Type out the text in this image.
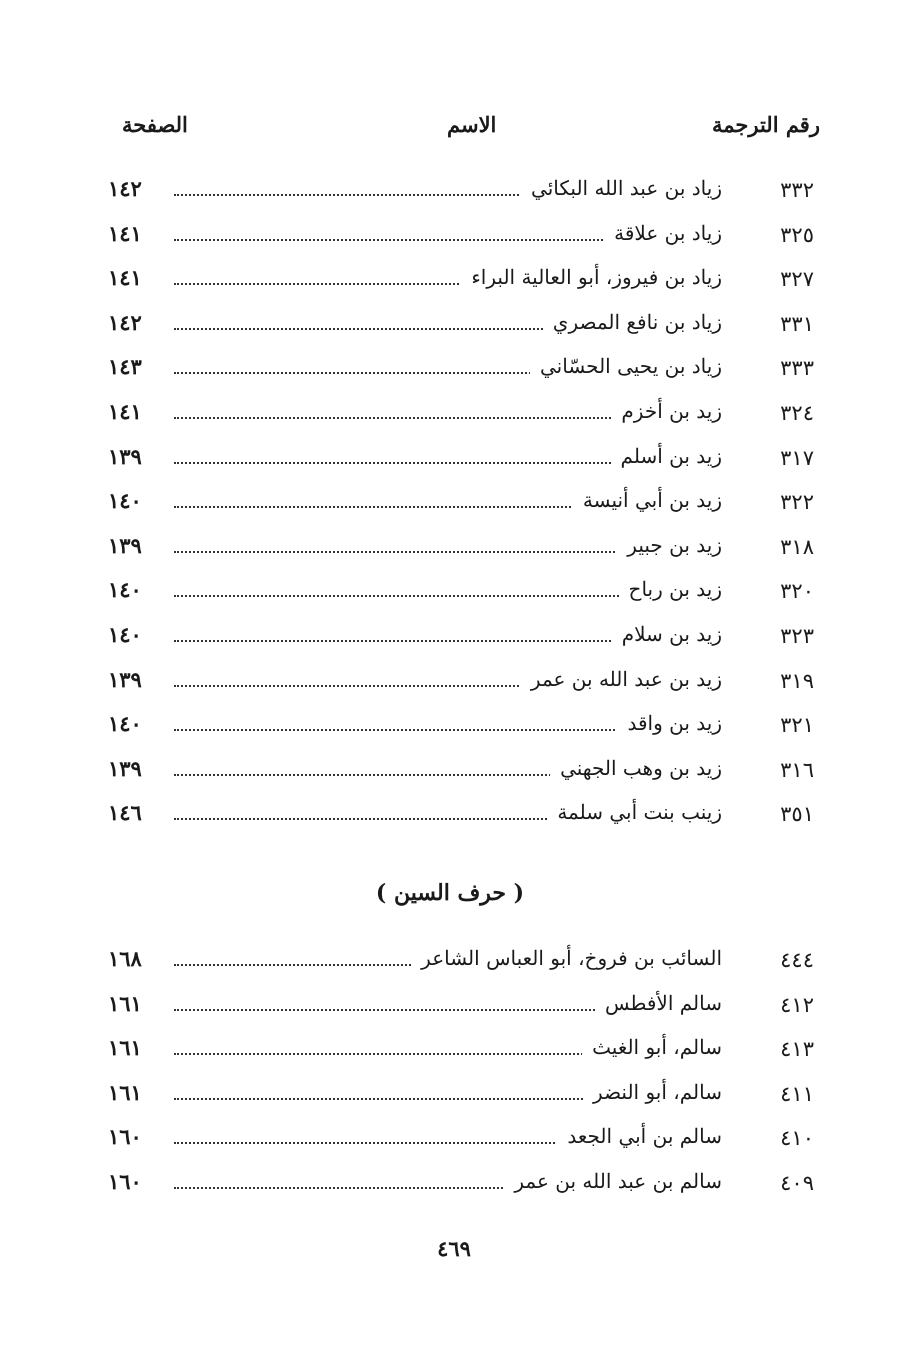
رقم الترجمة
الاسم
الصفحة
٣٣٢
زياد بن عبد الله البكائي
١٤٢
٣٢٥
زياد بن علاقة
١٤١
٣٢٧
زياد بن فيروز، أبو العالية البراء
١٤١
٣٣١
زياد بن نافع المصري
١٤٢
٣٣٣
زياد بن يحيى الحسّاني
١٤٣
٣٢٤
زيد بن أخزم
١٤١
٣١٧
زيد بن أسلم
١٣٩
٣٢٢
زيد بن أبي أنيسة
١٤٠
٣١٨
زيد بن جبير
١٣٩
٣٢٠
زيد بن رباح
١٤٠
٣٢٣
زيد بن سلام
١٤٠
٣١٩
زيد بن عبد الله بن عمر
١٣٩
٣٢١
زيد بن واقد
١٤٠
٣١٦
زيد بن وهب الجهني
١٣٩
٣٥١
زينب بنت أبي سلمة
١٤٦
( حرف السين )
٤٤٤
السائب بن فروخ، أبو العباس الشاعر
١٦٨
٤١٢
سالم الأفطس
١٦١
٤١٣
سالم، أبو الغيث
١٦١
٤١١
سالم، أبو النضر
١٦١
٤١٠
سالم بن أبي الجعد
١٦٠
٤٠٩
سالم بن عبد الله بن عمر
١٦٠
٤٦٩
